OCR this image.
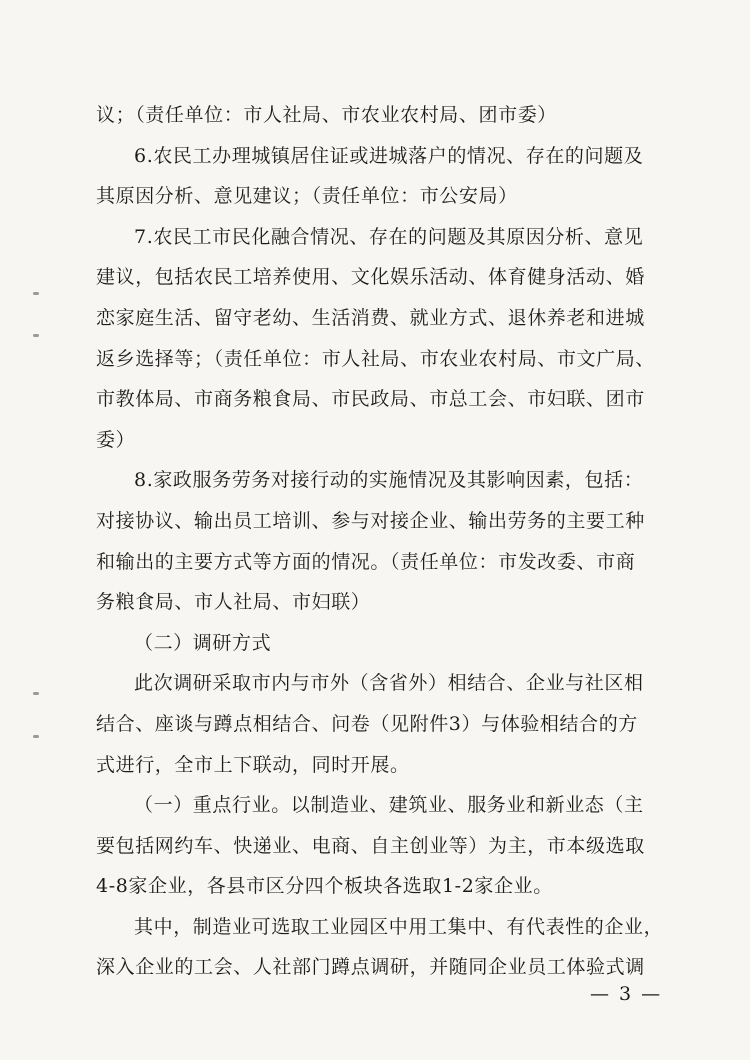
议；（责任单位：市人社局、市农业农村局、团市委）
6.农民工办理城镇居住证或进城落户的情况、存在的问题及
其原因分析、意见建议；（责任单位：市公安局）
7.农民工市民化融合情况、存在的问题及其原因分析、意见
建议，包括农民工培养使用、文化娱乐活动、体育健身活动、婚
恋家庭生活、留守老幼、生活消费、就业方式、退休养老和进城
返乡选择等；（责任单位：市人社局、市农业农村局、市文广局、
市教体局、市商务粮食局、市民政局、市总工会、市妇联、团市
委）
8.家政服务劳务对接行动的实施情况及其影响因素，包括：
对接协议、输出员工培训、参与对接企业、输出劳务的主要工种
和输出的主要方式等方面的情况。（责任单位：市发改委、市商
务粮食局、市人社局、市妇联）
（二）调研方式
此次调研采取市内与市外（含省外）相结合、企业与社区相
结合、座谈与蹲点相结合、问卷（见附件3）与体验相结合的方
式进行，全市上下联动，同时开展。
（一）重点行业。以制造业、建筑业、服务业和新业态（主
要包括网约车、快递业、电商、自主创业等）为主，市本级选取
4-8家企业，各县市区分四个板块各选取1-2家企业。
其中，制造业可选取工业园区中用工集中、有代表性的企业，
深入企业的工会、人社部门蹲点调研，并随同企业员工体验式调
— 3 —
